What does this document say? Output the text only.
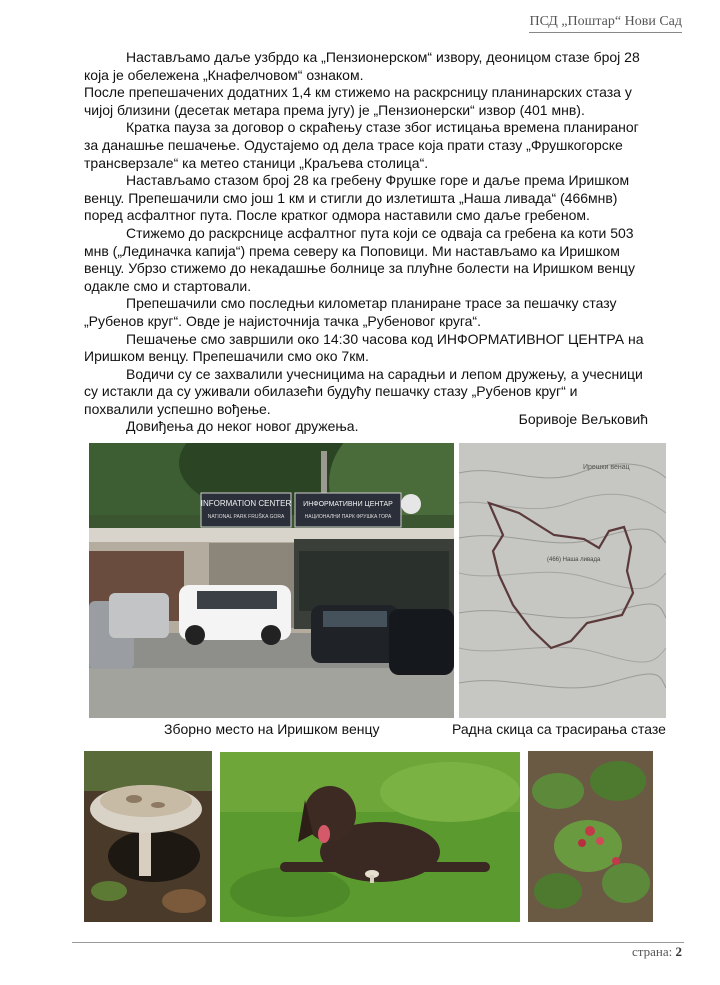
ПСД „Поштар“ Нови Сад

Настављамо даље узбрдо ка „Пензионерском“ извору, деоницом стазе број 28 која је обележена „Кнафелчовом“ ознаком.

После препешачених додатних 1,4 км стижемо на раскрсницу планинарских стаза у чијој близини (десетак метара према југу) је „Пензионерски“ извор (401 мнв).

Кратка пауза за договор о скраћењу стазе због истицања времена планираног за данашње пешачење. Одустајемо од дела трасе која прати стазу „Фрушкогорске трансверзале“ ка метео станици „Краљева столица“.

Настављамо стазом број 28 ка гребену Фрушке горе и даље према Иришком венцу. Препешачили смо још 1 км и стигли до излетишта „Наша ливада“ (466мнв) поред асфалтног пута. После кратког одмора наставили смо даље гребеном.

Стижемо до раскрснице асфалтног пута који се одваја са гребена ка коти 503 мнв („Лединачка капија“) према северу ка Поповици. Ми настављамо ка Иришком венцу. Убрзо стижемо до некадашње болнице за плућне болести на Иришком венцу одакле смо и стартовали.

Препешачили смо последњи километар планиране трасе за пешачку стазу „Рубенов круг“. Овде је најисточнија тачка „Рубеновог круга“.

Пешачење смо завршили око 14:30 часова код ИНФОРМАТИВНОГ ЦЕНТРА на Иришком венцу. Препешачили смо око 7км.

Водичи су се захвалили учесницима на сарадњи и лепом дружењу, а учесници су истакли да су уживали обилазећи будућу пешачку стазу „Рубенов круг“ и похвалили успешно вођење.

Довиђења до неког новог дружења.	Боривоје Вељковић
INFORMATION CENTER
NATIONAL PARK FRUŠKA GORA
ИНФОРМАТИВНИ ЦЕНТАР
НАЦИОНАЛНИ ПАРК ФРУШКА ГОРА
Ирешки венац
(466) Наша ливада
Зборно место на Иришком венцу	Радна скица са трасирања стазе
страна: 2
